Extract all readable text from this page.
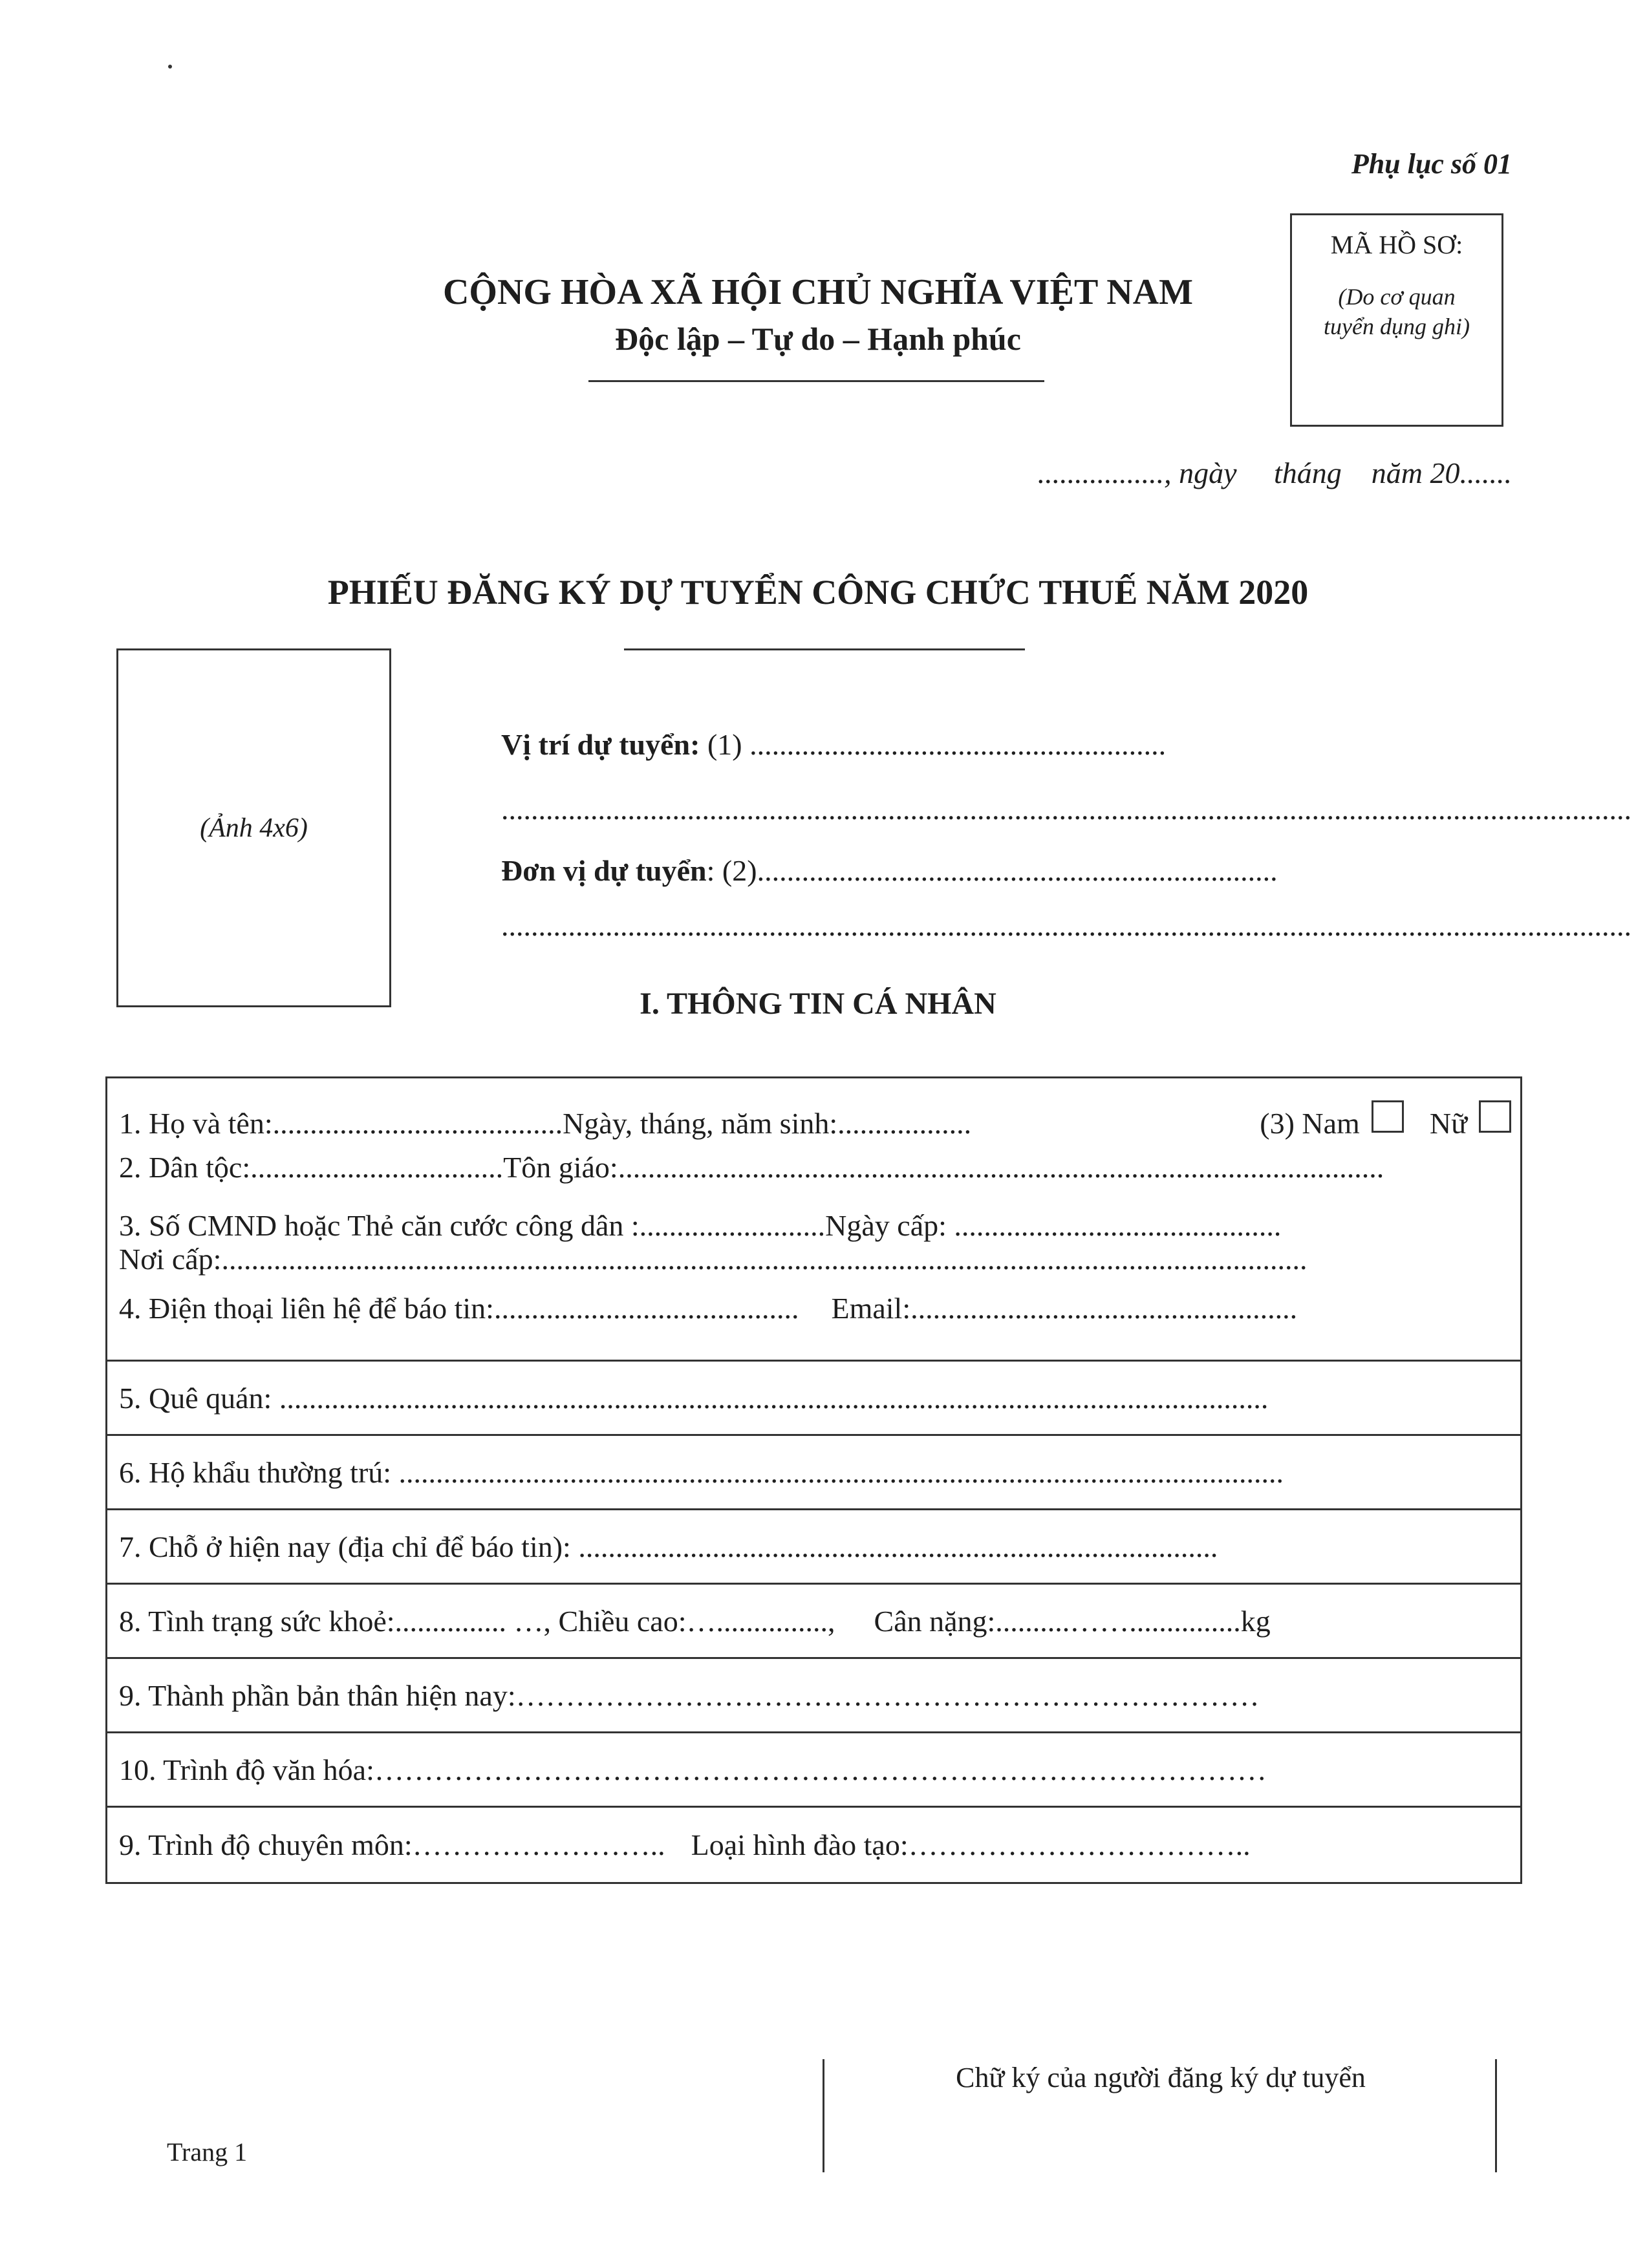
Phụ lục số 01
MÃ HỒ SƠ:
(Do cơ quan tuyển dụng ghi)
CỘNG HÒA XÃ HỘI CHỦ NGHĨA VIỆT NAM
Độc lập – Tự do – Hạnh phúc
................., ngày     tháng    năm 20.......
PHIẾU ĐĂNG KÝ DỰ TUYỂN CÔNG CHỨC THUẾ NĂM 2020
(Ảnh 4x6)
Vị trí dự tuyển: (1) ........................................................
........................................................................................................................................................
Đơn vị dự tuyển: (2)......................................................................
........................................................................................................................................................
I. THÔNG TIN CÁ NHÂN
1. Họ và tên:....................................... Ngày, tháng, năm sinh:..................	(3) Nam Nữ
2. Dân tộc:.................................. Tôn giáo:.......................................................................................................
3. Số CMND hoặc Thẻ căn cước công dân :......................... Ngày cấp: ............................................
Nơi cấp:..................................................................................................................................................
4. Điện thoại liên hệ để báo tin:......................................... Email:....................................................
5. Quê quán: .....................................................................................................................................
6. Hộ khẩu thường trú: .......................................................................................................................
7. Chỗ ở hiện nay (địa chỉ để báo tin): ......................................................................................
8. Tình trạng sức khoẻ:............... …, Chiều cao:…..............., Cân nặng:..........……...............kg
9. Thành phần bản thân hiện nay:…………………………………………………………………
10. Trình độ văn hóa:………………………………………………………………………………
9. Trình độ chuyên môn:…………………….. Loại hình đào tạo:……………………………..
Chữ ký của người đăng ký dự tuyển
Trang 1
